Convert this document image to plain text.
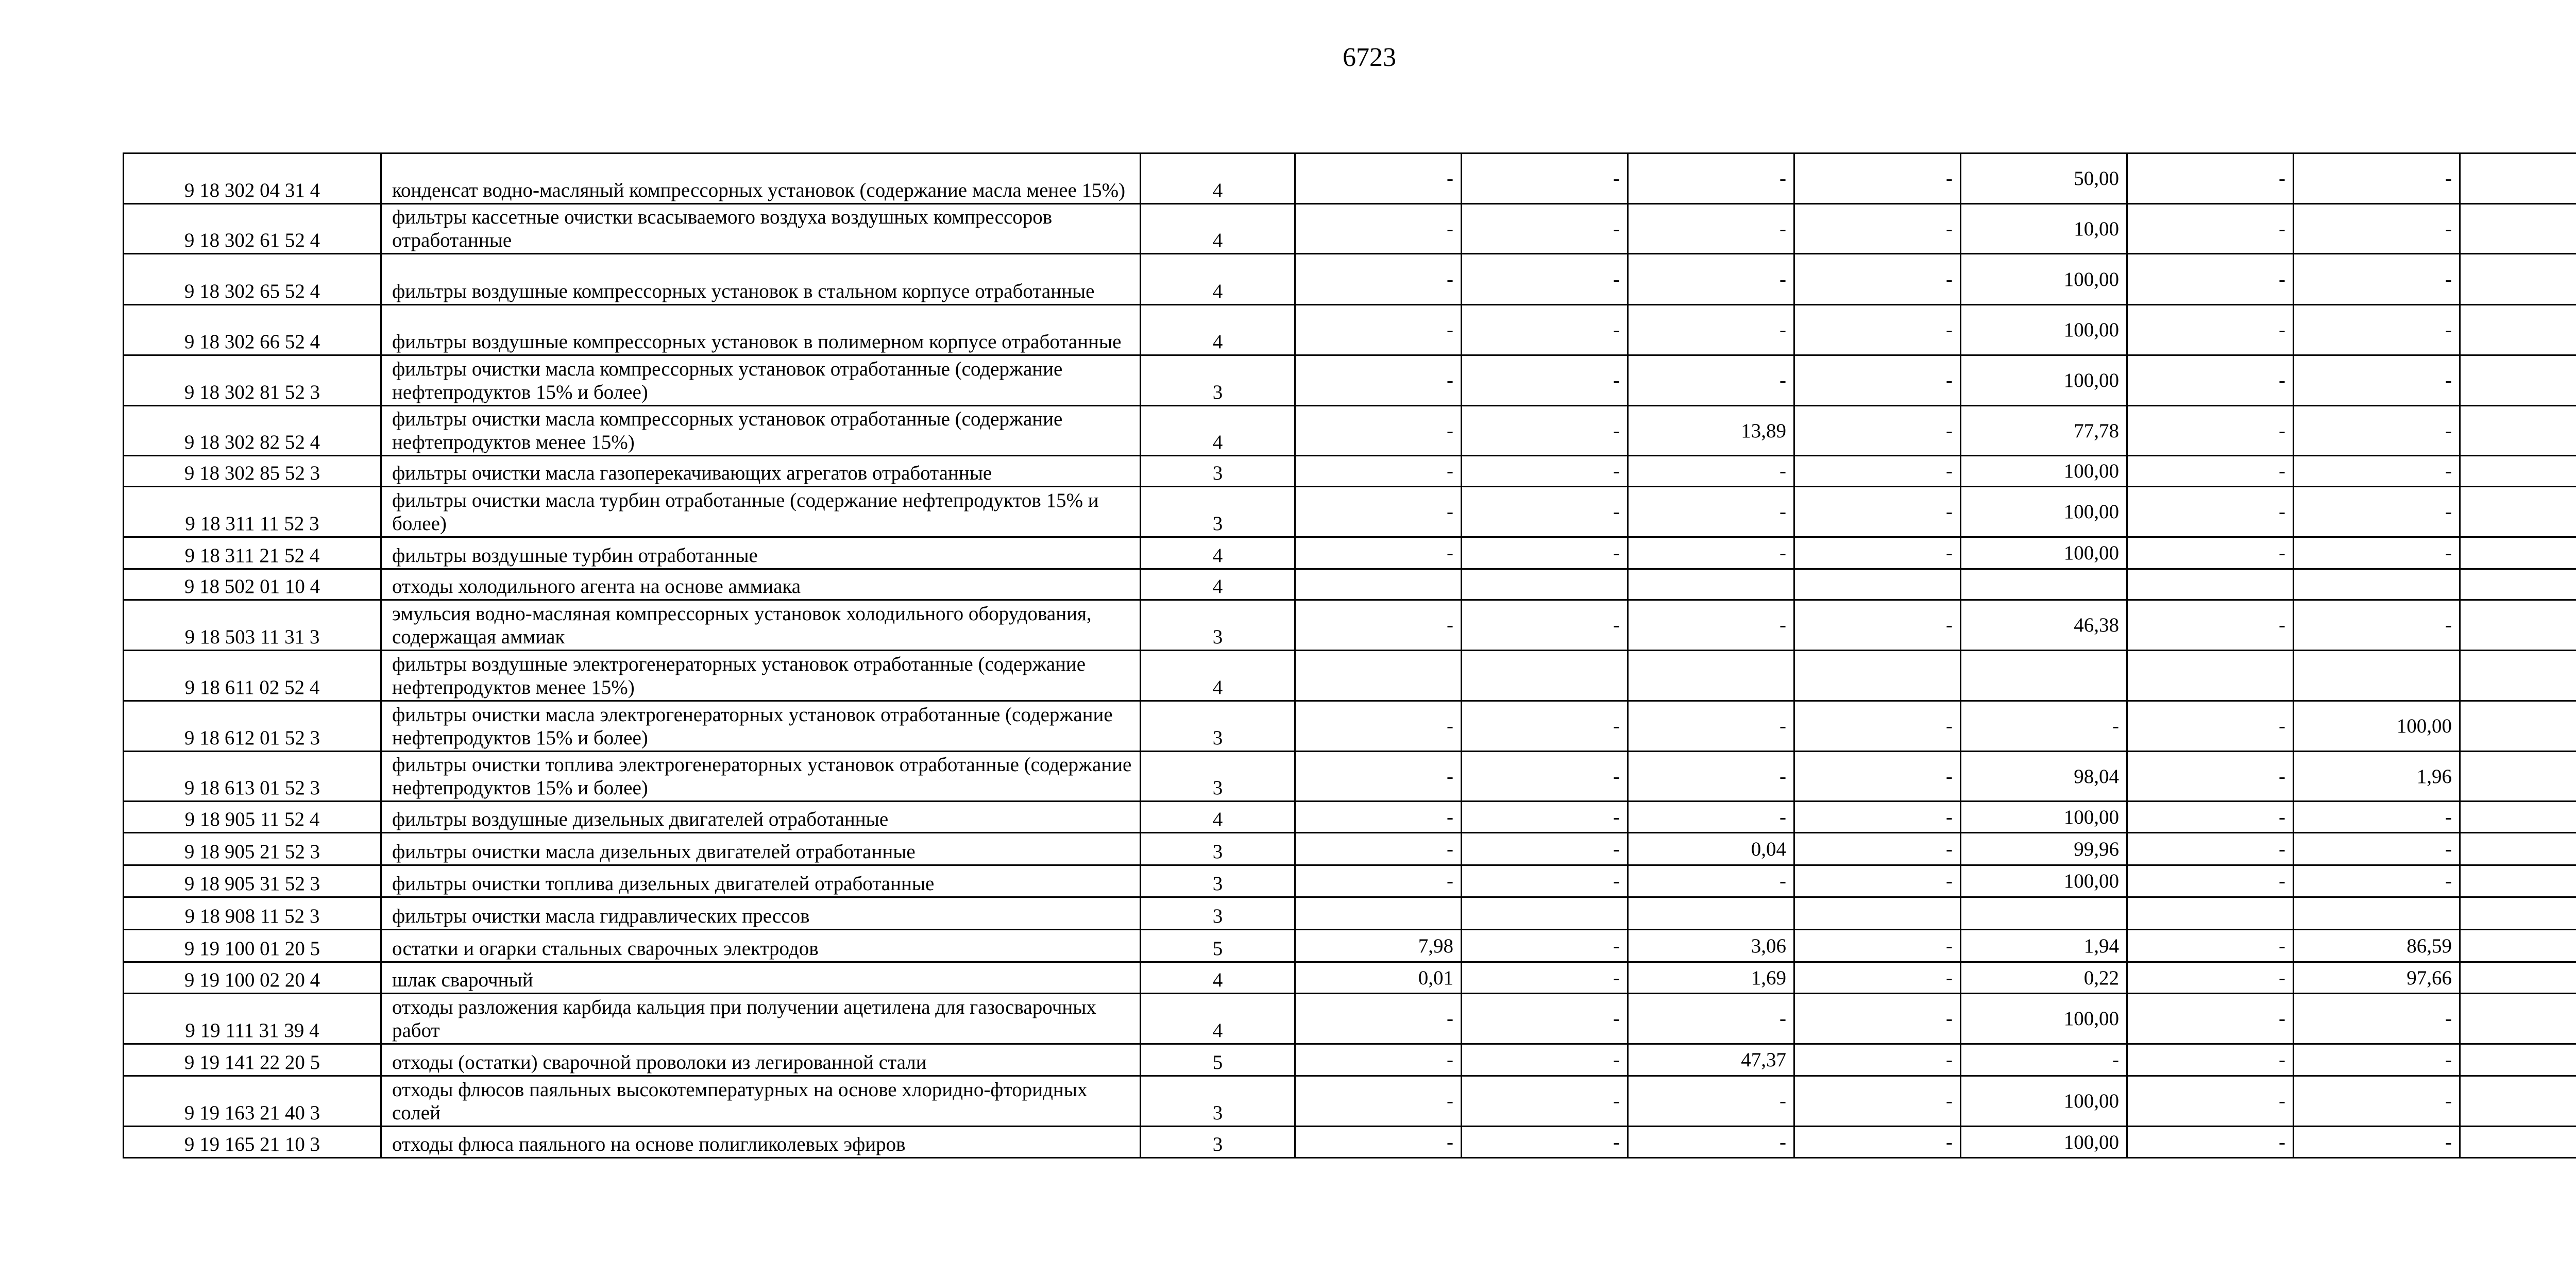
6723
9 18 302 04 31 4	конденсат водно-масляный компрессорных установок (содержание масла менее 15%)	4	-	-	-	-	50,00	-	-	
9 18 302 61 52 4	фильтры кассетные очистки всасываемого воздуха воздушных компрессоров отработанные	4	-	-	-	-	10,00	-	-	
9 18 302 65 52 4	фильтры воздушные компрессорных установок в стальном корпусе отработанные	4	-	-	-	-	100,00	-	-	
9 18 302 66 52 4	фильтры воздушные компрессорных установок в полимерном корпусе отработанные	4	-	-	-	-	100,00	-	-	
9 18 302 81 52 3	фильтры очистки масла компрессорных установок отработанные (содержание нефтепродуктов 15% и более)	3	-	-	-	-	100,00	-	-	
9 18 302 82 52 4	фильтры очистки масла компрессорных установок отработанные (содержание нефтепродуктов менее 15%)	4	-	-	13,89	-	77,78	-	-	
9 18 302 85 52 3	фильтры очистки масла газоперекачивающих агрегатов отработанные	3	-	-	-	-	100,00	-	-	
9 18 311 11 52 3	фильтры очистки масла турбин отработанные (содержание нефтепродуктов 15% и более)	3	-	-	-	-	100,00	-	-	
9 18 311 21 52 4	фильтры воздушные турбин отработанные	4	-	-	-	-	100,00	-	-	
9 18 502 01 10 4	отходы холодильного агента на основе аммиака	4								
9 18 503 11 31 3	эмульсия водно-масляная компрессорных установок холодильного оборудования, содержащая аммиак	3	-	-	-	-	46,38	-	-	
9 18 611 02 52 4	фильтры воздушные электрогенераторных установок отработанные (содержание нефтепродуктов менее 15%)	4								
9 18 612 01 52 3	фильтры очистки масла электрогенераторных установок отработанные (содержание нефтепродуктов 15% и более)	3	-	-	-	-	-	-	100,00	
9 18 613 01 52 3	фильтры очистки топлива электрогенераторных установок отработанные (содержание нефтепродуктов 15% и более)	3	-	-	-	-	98,04	-	1,96	
9 18 905 11 52 4	фильтры воздушные дизельных двигателей отработанные	4	-	-	-	-	100,00	-	-	
9 18 905 21 52 3	фильтры очистки масла дизельных двигателей отработанные	3	-	-	0,04	-	99,96	-	-	
9 18 905 31 52 3	фильтры очистки топлива дизельных двигателей отработанные	3	-	-	-	-	100,00	-	-	
9 18 908 11 52 3	фильтры очистки масла гидравлических прессов	3								
9 19 100 01 20 5	остатки и огарки стальных сварочных электродов	5	7,98	-	3,06	-	1,94	-	86,59	
9 19 100 02 20 4	шлак сварочный	4	0,01	-	1,69	-	0,22	-	97,66	
9 19 111 31 39 4	отходы разложения карбида кальция при получении ацетилена для газосварочных работ	4	-	-	-	-	100,00	-	-	
9 19 141 22 20 5	отходы (остатки) сварочной проволоки из легированной стали	5	-	-	47,37	-	-	-	-	
9 19 163 21 40 3	отходы флюсов паяльных высокотемпературных на основе хлоридно-фторидных солей	3	-	-	-	-	100,00	-	-	
9 19 165 21 10 3	отходы флюса паяльного на основе полигликолевых эфиров	3	-	-	-	-	100,00	-	-	
